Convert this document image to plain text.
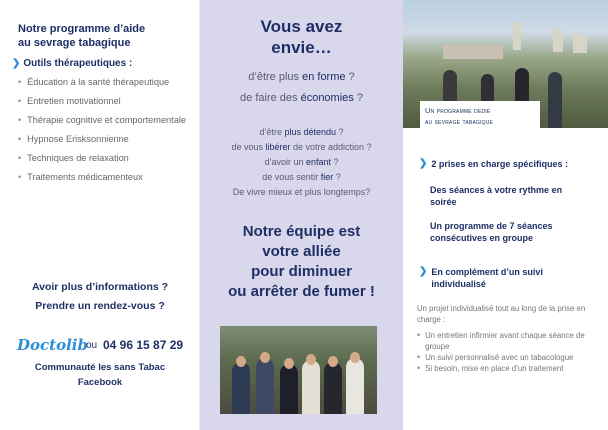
Notre programme d’aide
au sevrage tabagique
❯ Outils thérapeutiques :
• Éducation à la santé thérapeutique
• Entretien motivationnel
• Thérapie cognitive et comportementale
• Hypnose Erisksonnienne
• Techniques de relaxation
• Traitements médicamenteux
Avoir plus d’informations ?
Prendre un rendez-vous ?
Doctolib
ou 04 96 15 87 29
Communauté les sans Tabac
Facebook
Vous avez
envie…
d’être plus en forme ?
de faire des économies ?
d’être plus détendu ?
de vous libérer de votre addiction ?
d’avoir un enfant ?
de vous sentir fier ?
De vivre mieux et plus longtemps?
Notre équipe est
votre alliée
pour diminuer
ou arrêter de fumer !
Un programme dédié
au sevrage tabagique
❯ 2 prises en charge spécifiques :
Des séances à votre rythme en
soirée
Un programme de 7 séances
consécutives en groupe
❯ En complément d’un suivi
individualisé
Un projet individualisé tout au long de la prise en charge :
• Un entretien infirmier avant chaque séance de groupe
• Un suivi personnalisé avec un tabacologue
• Si besoin, mise en place d’un traitement
